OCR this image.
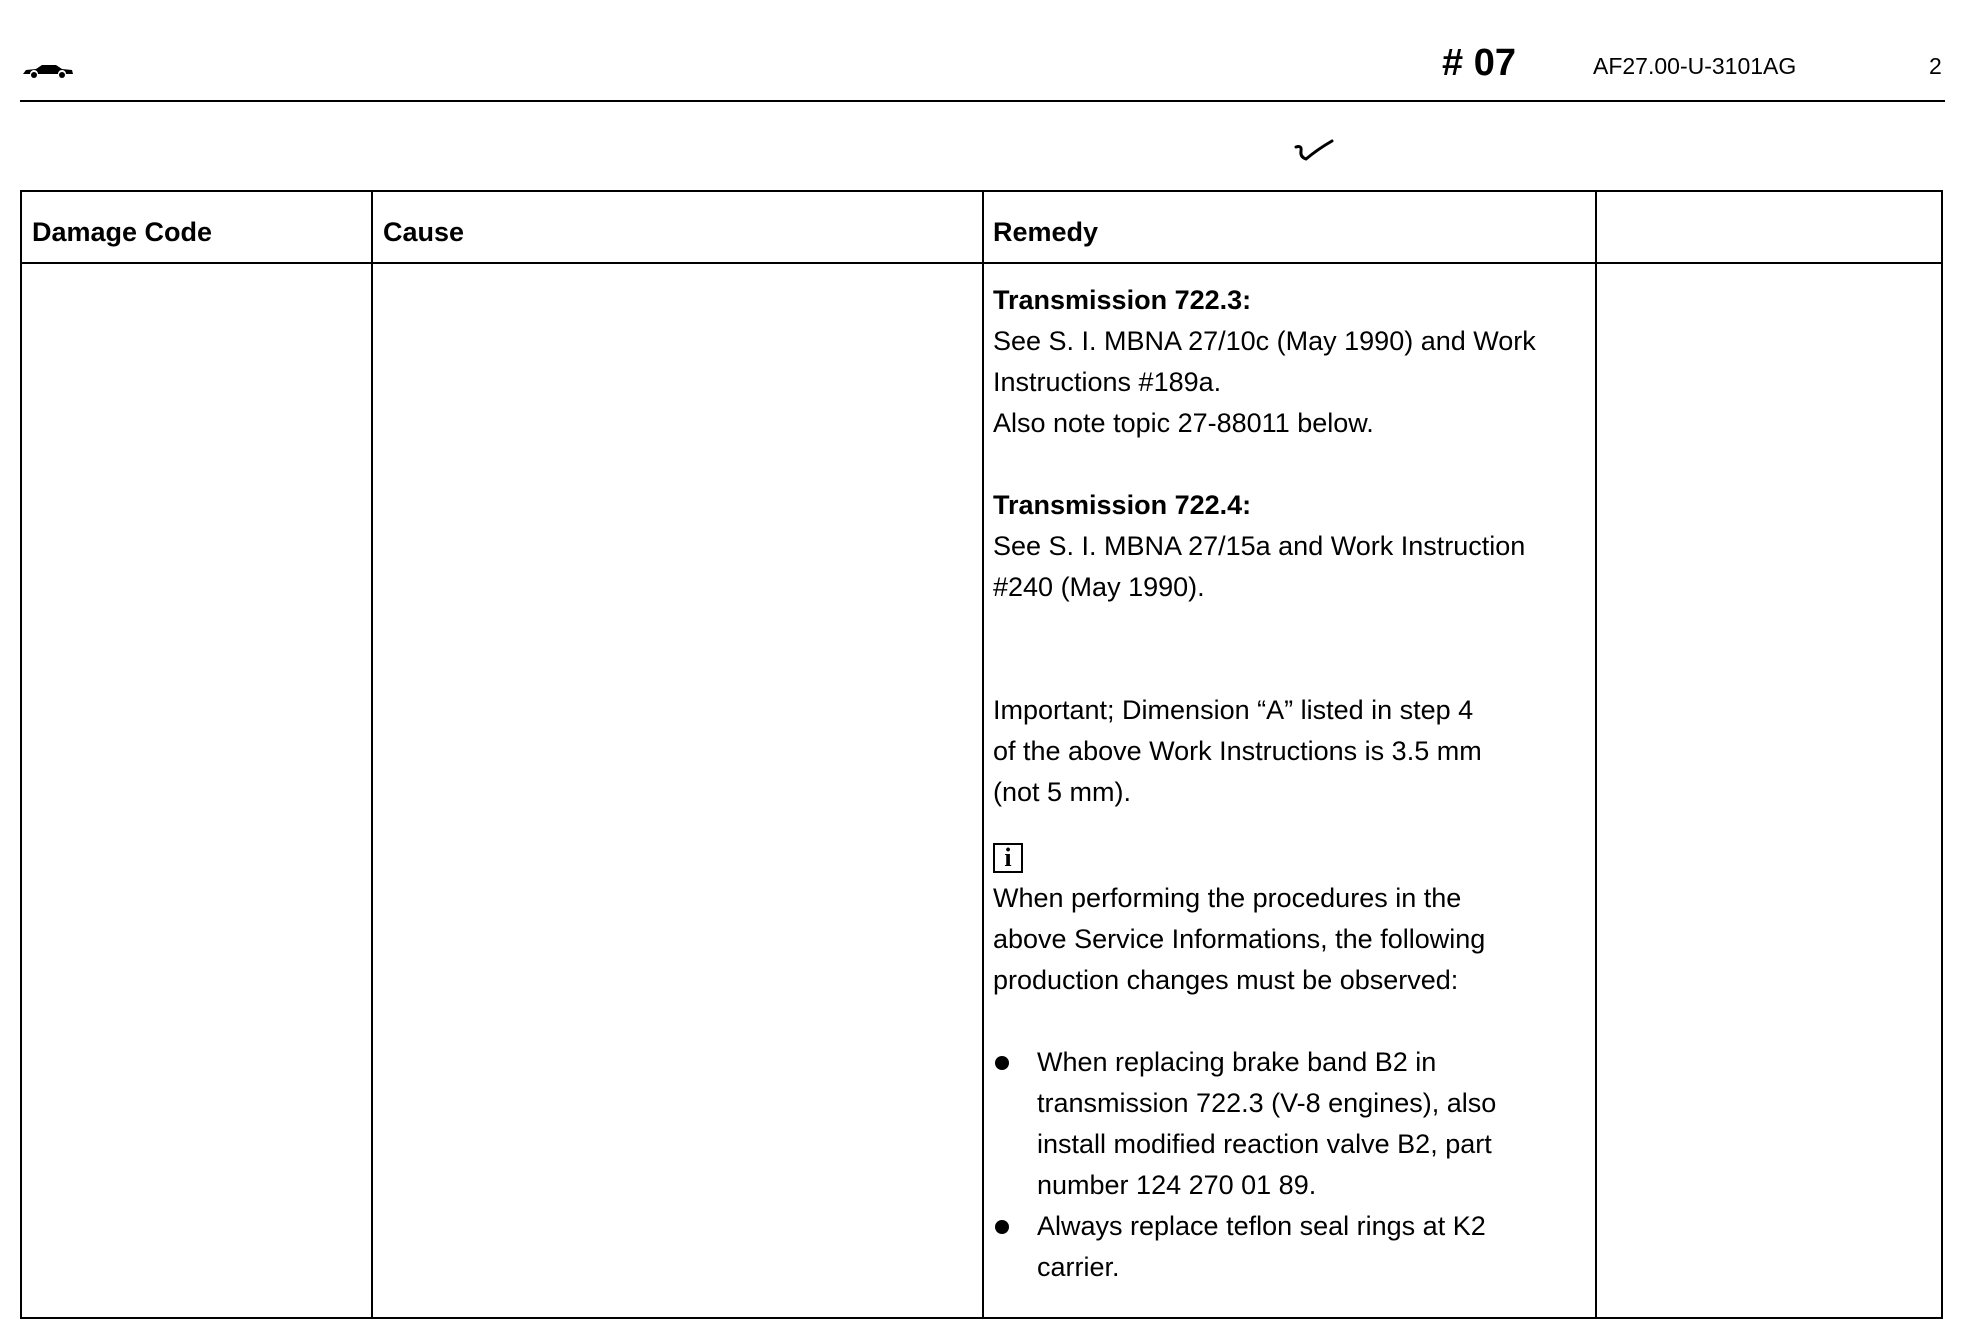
# 07	AF27.00-U-3101AG	2
Damage Code	Cause	Remedy

Transmission 722.3:

See S. I. MBNA 27/10c (May 1990) and Work

Instructions #189a.

Also note topic 27-88011 below.

Transmission 722.4:

See S. I. MBNA 27/15a and Work Instruction

#240 (May 1990).

Important; Dimension “A” listed in step 4

of the above Work Instructions is 3.5 mm

(not 5 mm).

i

When performing the procedures in the

above Service Informations, the following

production changes must be observed:

When replacing brake band B2 in
transmission 722.3 (V-8 engines), also
install modified reaction valve B2, part
number 124 270 01 89.
Always replace teflon seal rings at K2
carrier.
